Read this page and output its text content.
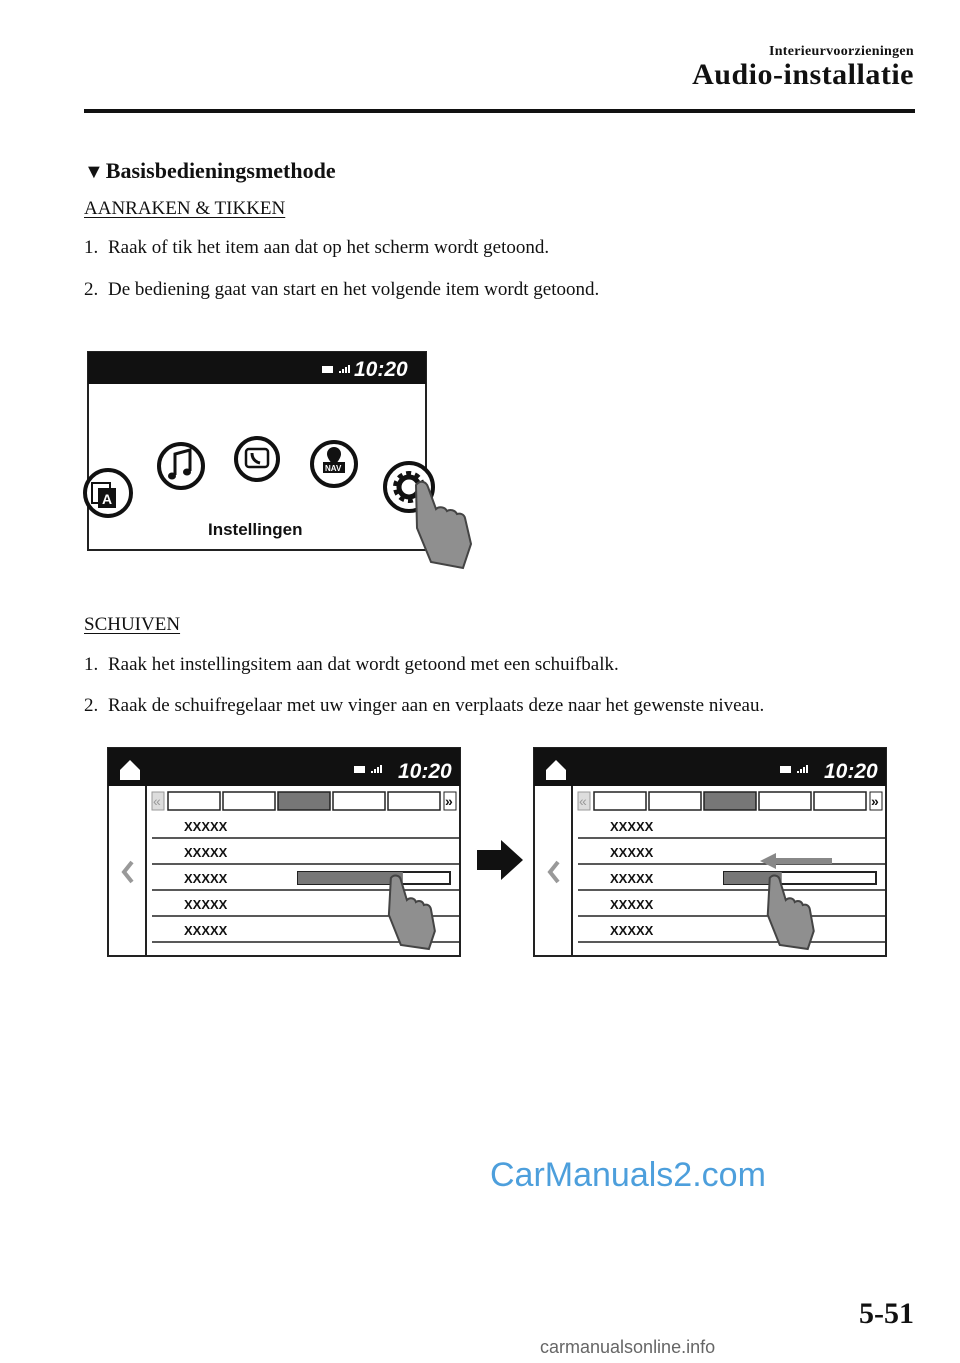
Interieurvoorzieningen
Audio-installatie
▼Basisbedieningsmethode
AANRAKEN & TIKKEN
1. Raak of tik het item aan dat op het scherm wordt getoond.
2. De bediening gaat van start en het volgende item wordt getoond.
10:20
A
NAV
Instellingen
SCHUIVEN
1. Raak het instellingsitem aan dat wordt getoond met een schuifbalk.
2. Raak de schuifregelaar met uw vinger aan en verplaats deze naar het gewenste niveau.
10:20
«	»
XXXXX
XXXXX
XXXXX
XXXXX
XXXXX
10:20
«	»
XXXXX
XXXXX
XXXXX
XXXXX
XXXXX
5-51
CarManuals2.com
carmanualsonline.info
